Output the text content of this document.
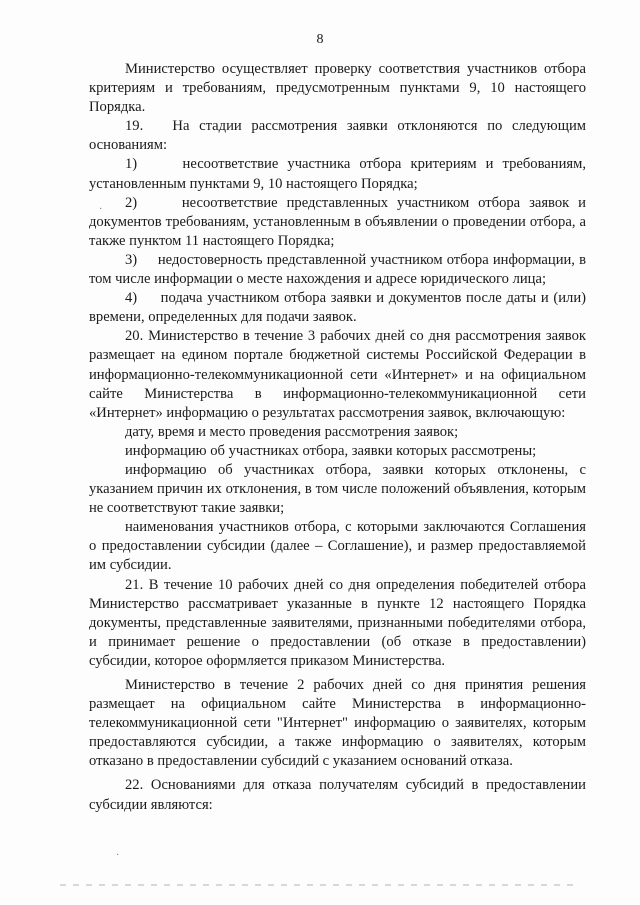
8

Министерство осуществляет проверку соответствия участников отбора критериям и требованиям, предусмотренным пунктами 9, 10 настоящего Порядка.

19.   На стадии рассмотрения заявки отклоняются по следующим основаниям:

1)     несоответствие участника отбора критериям и требованиям, установленным пунктами 9, 10 настоящего Порядка;

2)     несоответствие представленных участником отбора заявок и документов требованиям, установленным в объявлении о проведении отбора, а также пунктом 11 настоящего Порядка;

3)     недостоверность представленной участником отбора информации, в том числе информации о месте нахождения и адресе юридического лица;

4)     подача участником отбора заявки и документов после даты и (или) времени, определенных для подачи заявок.

20. Министерство в течение 3 рабочих дней со дня рассмотрения заявок размещает на едином портале бюджетной системы Российской Федерации в информационно-телекоммуникационной сети «Интернет» и на официальном сайте Министерства в информационно-телекоммуникационной сети «Интернет» информацию о результатах рассмотрения заявок, включающую:

дату, время и место проведения рассмотрения заявок;

информацию об участниках отбора, заявки которых рассмотрены;

информацию об участниках отбора, заявки которых отклонены, с указанием причин их отклонения, в том числе положений объявления, которым не соответствуют такие заявки;

наименования участников отбора, с которыми заключаются Соглашения о предоставлении субсидии (далее – Соглашение), и размер предоставляемой им субсидии.

21. В течение 10 рабочих дней со дня определения победителей отбора Министерство рассматривает указанные в пункте 12 настоящего Порядка документы, представленные заявителями, признанными победителями отбора, и принимает решение о предоставлении (об отказе в предоставлении) субсидии, которое оформляется приказом Министерства.

Министерство в течение 2 рабочих дней со дня принятия решения размещает на официальном сайте Министерства в информационно-телекоммуникационной сети "Интернет" информацию о заявителях, которым предоставляются субсидии, а также информацию о заявителях, которым отказано в предоставлении субсидий с указанием оснований отказа.

22. Основаниями для отказа получателям субсидий в предоставлении субсидии являются:

·
·
